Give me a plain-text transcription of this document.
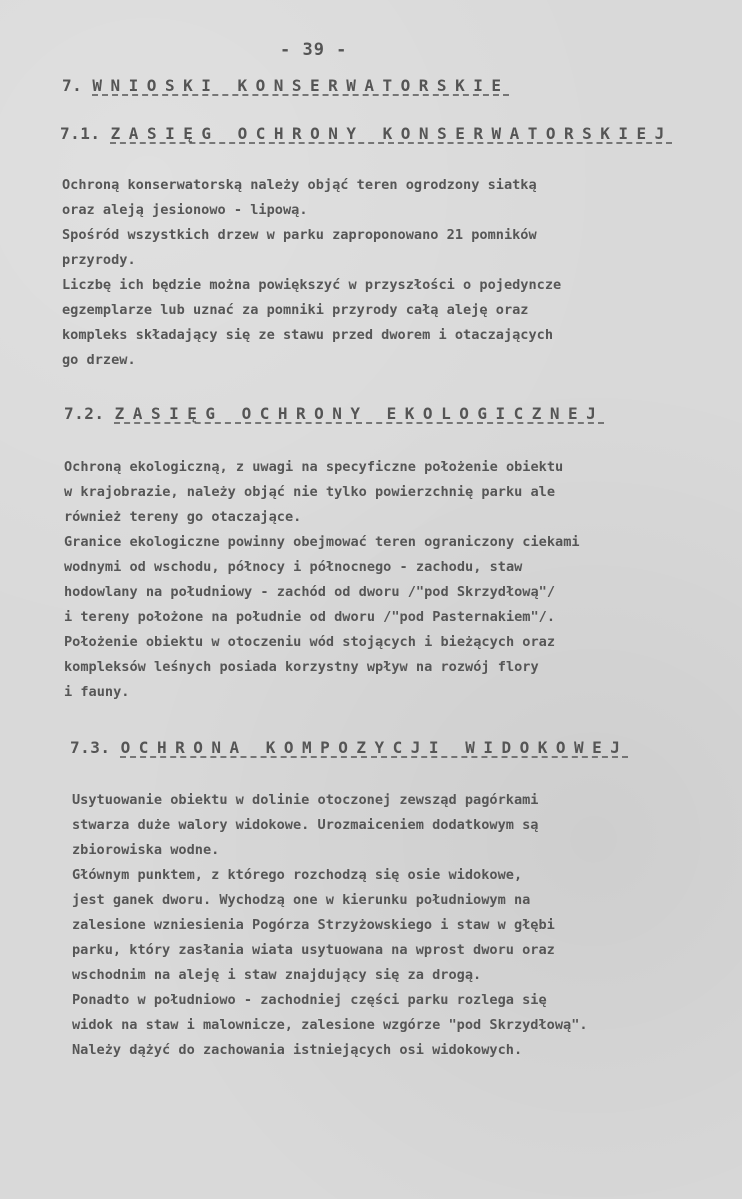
- 39 -
7. WNIOSKI KONSERWATORSKIE
7.1. ZASIĘG OCHRONY KONSERWATORSKIEJ
Ochroną konserwatorską należy objąć teren ogrodzony siatką
oraz aleją jesionowo - lipową.
Spośród wszystkich drzew w parku zaproponowano 21 pomników
przyrody.
Liczbę ich będzie można powiększyć w przyszłości o pojedyncze
egzemplarze lub uznać za pomniki przyrody całą aleję oraz
kompleks składający się ze stawu przed dworem i otaczających
go drzew.
7.2. ZASIĘG OCHRONY EKOLOGICZNEJ
Ochroną ekologiczną, z uwagi na specyficzne położenie obiektu
w krajobrazie, należy objąć nie tylko powierzchnię parku ale
również tereny go otaczające.
Granice ekologiczne powinny obejmować teren ograniczony ciekami
wodnymi od wschodu, północy i północnego - zachodu, staw
hodowlany na południowy - zachód od dworu /"pod Skrzydłową"/
i tereny położone na południe od dworu /"pod Pasternakiem"/.
Położenie obiektu w otoczeniu wód stojących i bieżących oraz
kompleksów leśnych posiada korzystny wpływ na rozwój flory
i fauny.
7.3. OCHRONA KOMPOZYCJI WIDOKOWEJ
Usytuowanie obiektu w dolinie otoczonej zewsząd pagórkami
stwarza duże walory widokowe. Urozmaiceniem dodatkowym są
zbiorowiska wodne.
Głównym punktem, z którego rozchodzą się osie widokowe,
jest ganek dworu. Wychodzą one w kierunku południowym na
zalesione wzniesienia Pogórza Strzyżowskiego i staw w głębi
parku, który zasłania wiata usytuowana na wprost dworu oraz
wschodnim na aleję i staw znajdujący się za drogą.
Ponadto w południowo - zachodniej części parku rozlega się
widok na staw i malownicze, zalesione wzgórze "pod Skrzydłową".
Należy dążyć do zachowania istniejących osi widokowych.
